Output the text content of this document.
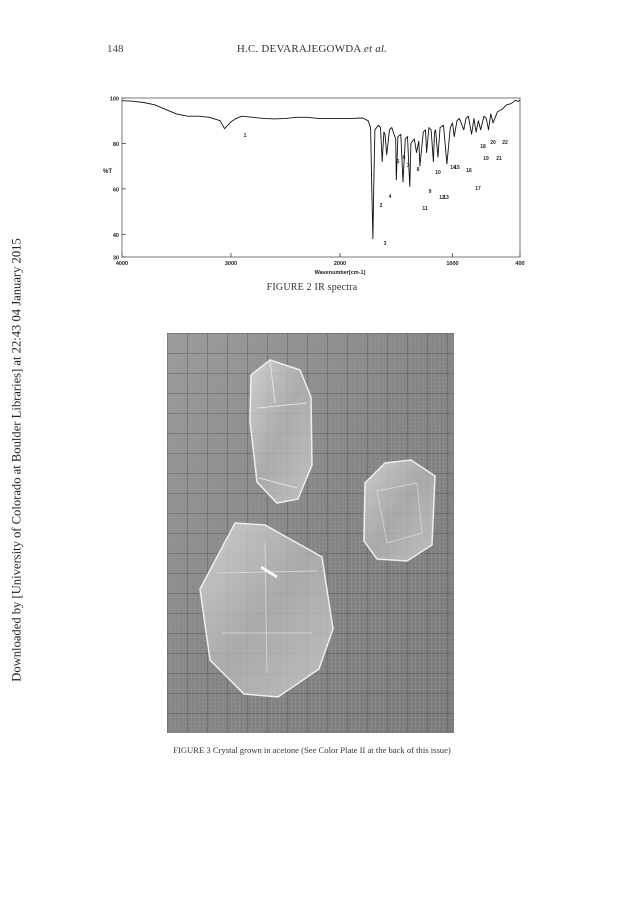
148	H.C. DEVARAJEGOWDA et al.
Downloaded by [University of Colorado at Boulder Libraries] at 22:43 04 January 2015
100
80
60
40
30
4000	3000	2000	1000	400
Wavenumber[cm-1]
%T
1
2
3
4
5
6
7
8
9
10
11
12
13
14
15 16
17
18
19
20
21
22
FIGURE 2 IR spectra
FIGURE 3 Crystal grown in acetone (See Color Plate II at the back of this issue)
